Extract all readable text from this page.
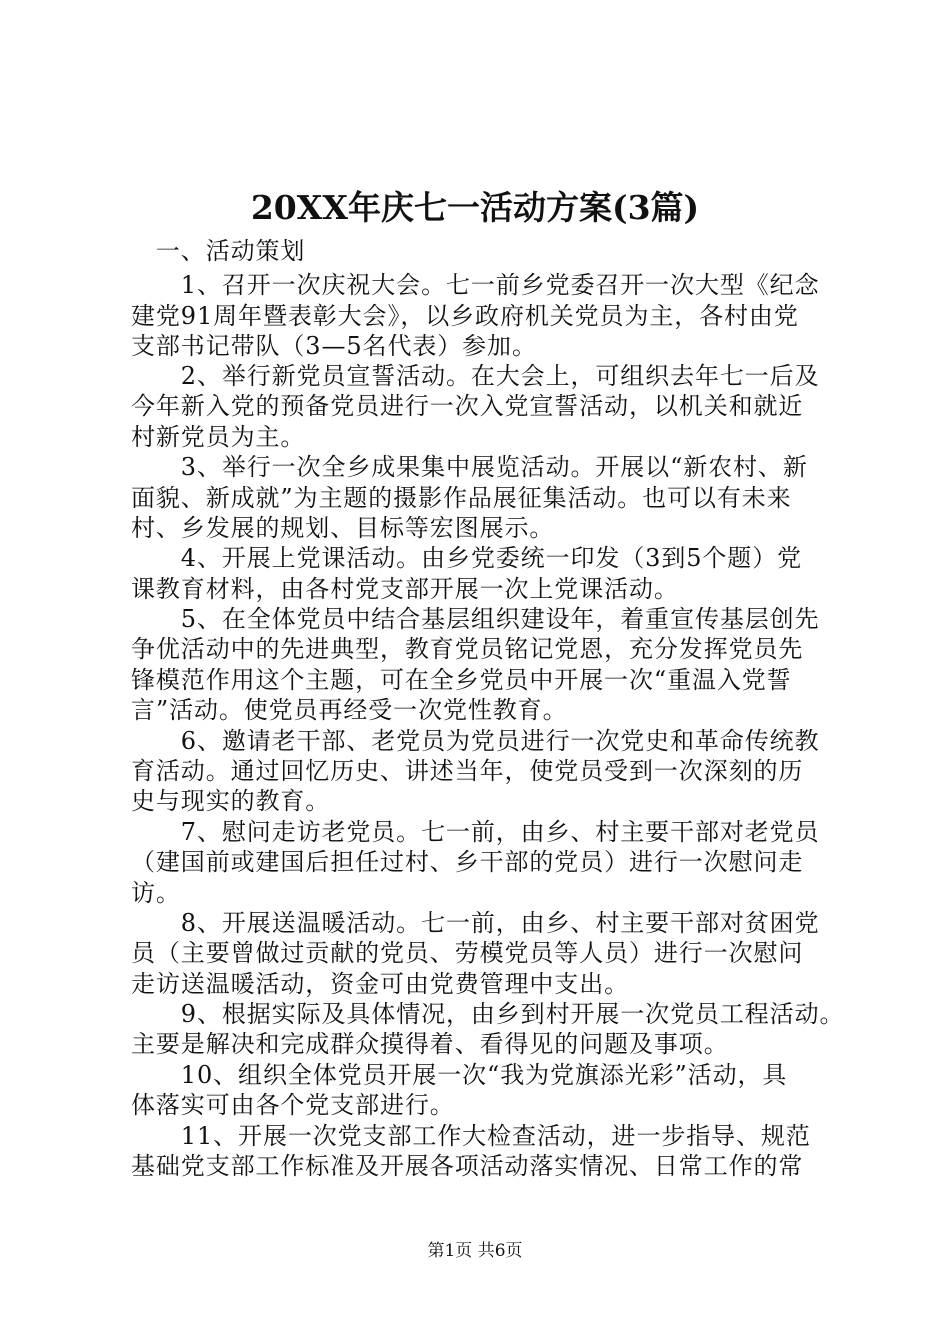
20XX年庆七一活动方案(3篇)
　一、活动策划
　　1、召开一次庆祝大会。七一前乡党委召开一次大型《纪念
建党91周年暨表彰大会》，以乡政府机关党员为主，各村由党
支部书记带队（3—5名代表）参加。
　　2、举行新党员宣誓活动。在大会上，可组织去年七一后及
今年新入党的预备党员进行一次入党宣誓活动，以机关和就近
村新党员为主。
　　3、举行一次全乡成果集中展览活动。开展以“新农村、新
面貌、新成就”为主题的摄影作品展征集活动。也可以有未来
村、乡发展的规划、目标等宏图展示。
　　4、开展上党课活动。由乡党委统一印发（3到5个题）党
课教育材料，由各村党支部开展一次上党课活动。
　　5、在全体党员中结合基层组织建设年，着重宣传基层创先
争优活动中的先进典型，教育党员铭记党恩，充分发挥党员先
锋模范作用这个主题，可在全乡党员中开展一次“重温入党誓
言”活动。使党员再经受一次党性教育。
　　6、邀请老干部、老党员为党员进行一次党史和革命传统教
育活动。通过回忆历史、讲述当年，使党员受到一次深刻的历
史与现实的教育。
　　7、慰问走访老党员。七一前，由乡、村主要干部对老党员
（建国前或建国后担任过村、乡干部的党员）进行一次慰问走
访。
　　8、开展送温暖活动。七一前，由乡、村主要干部对贫困党
员（主要曾做过贡献的党员、劳模党员等人员）进行一次慰问
走访送温暖活动，资金可由党费管理中支出。
　　9、根据实际及具体情况，由乡到村开展一次党员工程活动。
主要是解决和完成群众摸得着、看得见的问题及事项。
　　10、组织全体党员开展一次“我为党旗添光彩”活动，具
体落实可由各个党支部进行。
　　11、开展一次党支部工作大检查活动，进一步指导、规范
基础党支部工作标准及开展各项活动落实情况、日常工作的常
第1页 共6页
